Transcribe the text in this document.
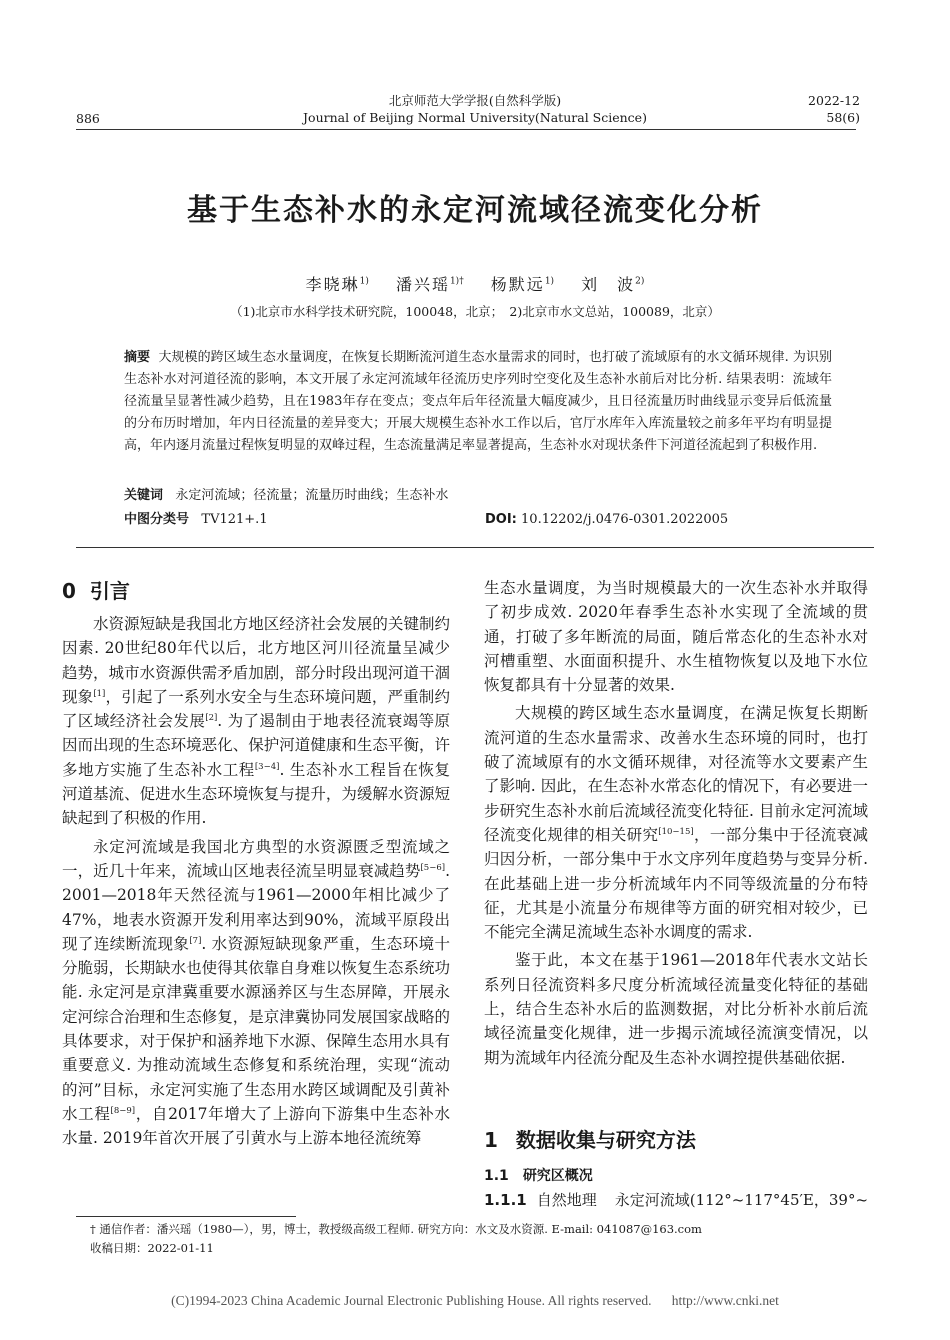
北京师范大学学报(自然科学版)
Journal of Beijing Normal University(Natural Science)
2022-12
58(6)
886
基于生态补水的永定河流域径流变化分析
李晓琳$^{1)}$ 潘兴瑶$^{1)\dagger}$ 杨默远$^{1)}$ 刘　波$^{2)}$
（1)北京市水科学技术研究院，100048，北京；　2)北京市水文总站，100089，北京）
摘要 大规模的跨区域生态水量调度，在恢复长期断流河道生态水量需求的同时，也打破了流域原有的水文循环规律. 为识别生态补水对河道径流的影响，本文开展了永定河流域年径流历史序列时空变化及生态补水前后对比分析. 结果表明：流域年径流量呈显著性减少趋势，且在1983年存在变点；变点年后年径流量大幅度减少，且日径流量历时曲线显示变异后低流量的分布历时增加，年内日径流量的差异变大；开展大规模生态补水工作以后，官厅水库年入库流量较之前多年平均有明显提高，年内逐月流量过程恢复明显的双峰过程，生态流量满足率显著提高，生态补水对现状条件下河道径流起到了积极作用.
关键词 永定河流域；径流量；流量历时曲线；生态补水
中图分类号 TV121+.1	DOI: 10.12202/j.0476-0301.2022005
0 引言

水资源短缺是我国北方地区经济社会发展的关键制约因素. 20世纪80年代以后，北方地区河川径流量呈减少趋势，城市水资源供需矛盾加剧，部分时段出现河道干涸现象[1]，引起了一系列水安全与生态环境问题，严重制约了区域经济社会发展[2]. 为了遏制由于地表径流衰竭等原因而出现的生态环境恶化、保护河道健康和生态平衡，许多地方实施了生态补水工程[3−4]. 生态补水工程旨在恢复河道基流、促进水生态环境恢复与提升，为缓解水资源短缺起到了积极的作用.

永定河流域是我国北方典型的水资源匮乏型流域之一，近几十年来，流域山区地表径流呈明显衰减趋势[5−6]. 2001—2018年天然径流与1961—2000年相比减少了47%，地表水资源开发利用率达到90%，流域平原段出现了连续断流现象[7]. 水资源短缺现象严重，生态环境十分脆弱，长期缺水也使得其依靠自身难以恢复生态系统功能. 永定河是京津冀重要水源涵养区与生态屏障，开展永定河综合治理和生态修复，是京津冀协同发展国家战略的具体要求，对于保护和涵养地下水源、保障生态用水具有重要意义. 为推动流域生态修复和系统治理，实现“流动的河”目标，永定河实施了生态用水跨区域调配及引黄补水工程[8−9]，自2017年增大了上游向下游集中生态补水水量. 2019年首次开展了引黄水与上游本地径流统筹

生态水量调度，为当时规模最大的一次生态补水并取得了初步成效. 2020年春季生态补水实现了全流域的贯通，打破了多年断流的局面，随后常态化的生态补水对河槽重塑、水面面积提升、水生植物恢复以及地下水位恢复都具有十分显著的效果.

大规模的跨区域生态水量调度，在满足恢复长期断流河道的生态水量需求、改善水生态环境的同时，也打破了流域原有的水文循环规律，对径流等水文要素产生了影响. 因此，在生态补水常态化的情况下，有必要进一步研究生态补水前后流域径流变化特征. 目前永定河流域径流变化规律的相关研究[10−15]，一部分集中于径流衰减归因分析，一部分集中于水文序列年度趋势与变异分析. 在此基础上进一步分析流域年内不同等级流量的分布特征，尤其是小流量分布规律等方面的研究相对较少，已不能完全满足流域生态补水调度的需求.

鉴于此，本文在基于1961—2018年代表水文站长系列日径流资料多尺度分析流域径流量变化特征的基础上，结合生态补水后的监测数据，对比分析补水前后流域径流量变化规律，进一步揭示流域径流演变情况，以期为流域年内径流分配及生态补水调控提供基础依据.

1 数据收集与研究方法
1.1 研究区概况
1.1.1 自然地理 永定河流域(112°~117°45′E，39°~
† 通信作者：潘兴瑶（1980—），男，博士，教授级高级工程师. 研究方向：水文及水资源. E-mail: 041087@163.com
收稿日期：2022-01-11
(C)1994-2023 China Academic Journal Electronic Publishing House. All rights reserved.      http://www.cnki.net
